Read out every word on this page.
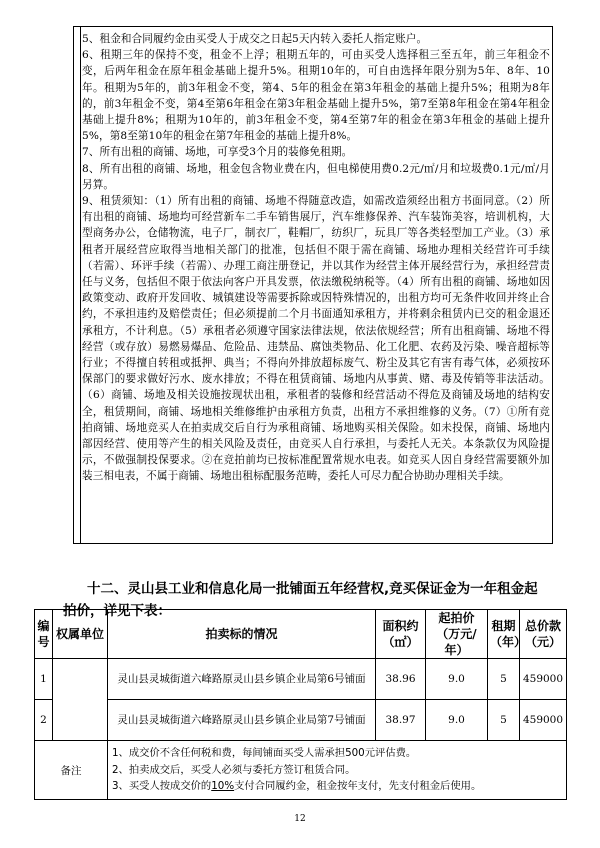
5、租金和合同履约金由买受人于成交之日起5天内转入委托人指定账户。

6、租期三年的保持不变，租金不上浮；租期五年的，可由买受人选择租三至五年，前三年租金不变，后两年租金在原年租金基础上提升5%。租期10年的，可自由选择年限分别为5年、8年、10年。租期为5年的，前3年租金不变，第4、5年的租金在第3年租金的基础上提升5%；租期为8年的，前3年租金不变，第4至第6年租金在第3年租金基础上提升5%，第7至第8年租金在第4年租金基础上提升8%；租期为10年的，前3年租金不变，第4至第7年的租金在第3年租金的基础上提升5%，第8至第10年的租金在第7年租金的基础上提升8%。

7、所有出租的商铺、场地，可享受3个月的装修免租期。

8、所有出租的商铺、场地，租金包含物业费在内，但电梯使用费0.2元/㎡/月和垃圾费0.1元/㎡/月另算。

9、租赁须知：（1）所有出租的商铺、场地不得随意改造，如需改造须经出租方书面同意。（2）所有出租的商铺、场地均可经营新车二手车销售展厅，汽车维修保养、汽车装饰美容，培训机构，大型商务办公，仓储物流，电子厂，制衣厂，鞋帽厂，纺织厂，玩具厂等各类轻型加工产业。（3）承租者开展经营应取得当地相关部门的批准，包括但不限于需在商铺、场地办理相关经营许可手续（若需）、环评手续（若需）、办理工商注册登记，并以其作为经营主体开展经营行为，承担经营责任与义务，包括但不限于依法向客户开具发票，依法缴税纳税等。（4）所有出租的商铺、场地如因政策变动、政府开发回收、城镇建设等需要拆除或因特殊情况的，出租方均可无条件收回并终止合约，不承担违约及赔偿责任；但必须提前二个月书面通知承租方，并将剩余租赁内已交的租金退还承租方，不计利息。（5）承租者必须遵守国家法律法规，依法依规经营；所有出租商铺、场地不得经营（或存放）易燃易爆品、危险品、违禁品、腐蚀类物品、化工化肥、农药及污染、噪音超标等行业；不得擅自转租或抵押、典当；不得向外排放超标废气、粉尘及其它有害有毒气体，必须按环保部门的要求做好污水、废水排放；不得在租赁商铺、场地内从事黄、赌、毒及传销等非法活动。（6）商铺、场地及相关设施按现状出租，承租者的装修和经营活动不得危及商铺及场地的结构安全，租赁期间，商铺、场地相关维修维护由承租方负责，出租方不承担维修的义务。（7）①所有竞拍商铺、场地竞买人在拍卖成交后自行为承租商铺、场地购买相关保险。如未投保，商铺、场地内部因经营、使用等产生的相关风险及责任，由竞买人自行承担，与委托人无关。本条款仅为风险提示，不做强制投保要求。②在竞拍前均已按标准配置常规水电表。如竞买人因自身经营需要额外加装三相电表，不属于商铺、场地出租标配服务范畴，委托人可尽力配合协助办理相关手续。

十二、灵山县工业和信息化局一批铺面五年经营权,竞买保证金为一年租金起拍价，详见下表：
编号	权属单位	拍卖标的情况	面积约（㎡）	起拍价（万元/年）	租期（年）	总价款（元）
1		灵山县灵城街道六峰路原灵山县乡镇企业局第6号铺面	38.96	9.0	5	459000
2		灵山县灵城街道六峰路原灵山县乡镇企业局第7号铺面	38.97	9.0	5	459000
备注		1、成交价不含任何税和费，每间铺面买受人需承担500元评估费。
2、拍卖成交后，买受人必须与委托方签订租赁合同。
3、买受人按成交价的10%支付合同履约金，租金按年支付，先支付租金后使用。				
12
